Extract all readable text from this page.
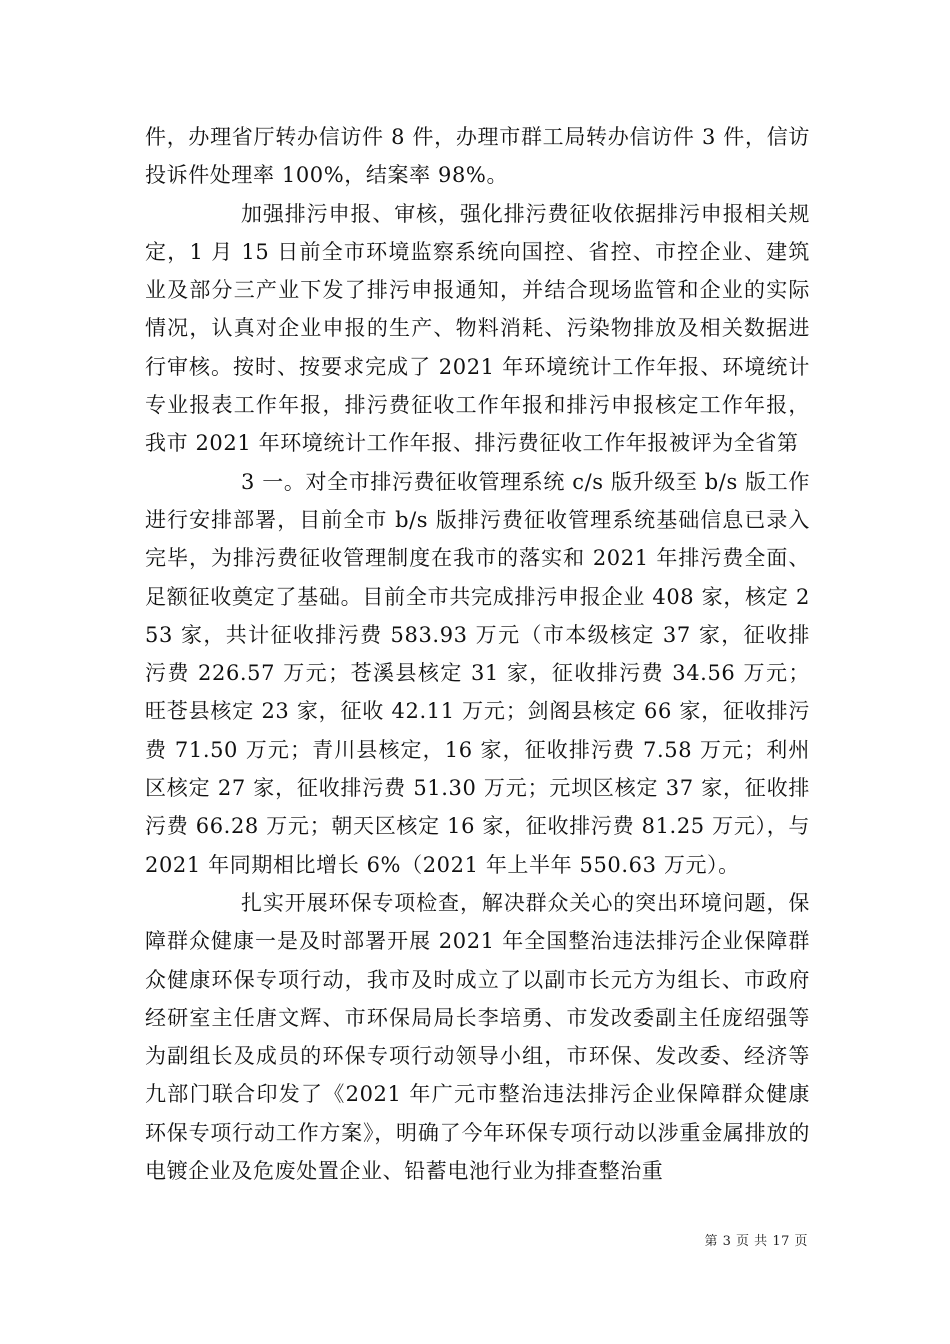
件，办理省厅转办信访件 8 件，办理市群工局转办信访件 3 件，信访投诉件处理率 100%，结案率 98%。

加强排污申报、审核，强化排污费征收依据排污申报相关规定，1 月 15 日前全市环境监察系统向国控、省控、市控企业、建筑业及部分三产业下发了排污申报通知，并结合现场监管和企业的实际情况，认真对企业申报的生产、物料消耗、污染物排放及相关数据进行审核。按时、按要求完成了 2021 年环境统计工作年报、环境统计专业报表工作年报，排污费征收工作年报和排污申报核定工作年报，我市 2021 年环境统计工作年报、排污费征收工作年报被评为全省第

3 一。对全市排污费征收管理系统 c/s 版升级至 b/s 版工作进行安排部署，目前全市 b/s 版排污费征收管理系统基础信息已录入完毕，为排污费征收管理制度在我市的落实和 2021 年排污费全面、足额征收奠定了基础。目前全市共完成排污申报企业 408 家，核定 253 家，共计征收排污费 583.93 万元（市本级核定 37 家，征收排污费 226.57 万元；苍溪县核定 31 家，征收排污费 34.56 万元；旺苍县核定 23 家，征收 42.11 万元；剑阁县核定 66 家，征收排污费 71.50 万元；青川县核定，16 家，征收排污费 7.58 万元；利州区核定 27 家，征收排污费 51.30 万元；元坝区核定 37 家，征收排污费 66.28 万元；朝天区核定 16 家，征收排污费 81.25 万元），与 2021 年同期相比增长 6%（2021 年上半年 550.63 万元）。

扎实开展环保专项检查，解决群众关心的突出环境问题，保障群众健康一是及时部署开展 2021 年全国整治违法排污企业保障群众健康环保专项行动，我市及时成立了以副市长元方为组长、市政府经研室主任唐文辉、市环保局局长李培勇、市发改委副主任庞绍强等为副组长及成员的环保专项行动领导小组，市环保、发改委、经济等九部门联合印发了《2021 年广元市整治违法排污企业保障群众健康环保专项行动工作方案》，明确了今年环保专项行动以涉重金属排放的电镀企业及危废处置企业、铅蓄电池行业为排查整治重

第 3 页 共 17 页
